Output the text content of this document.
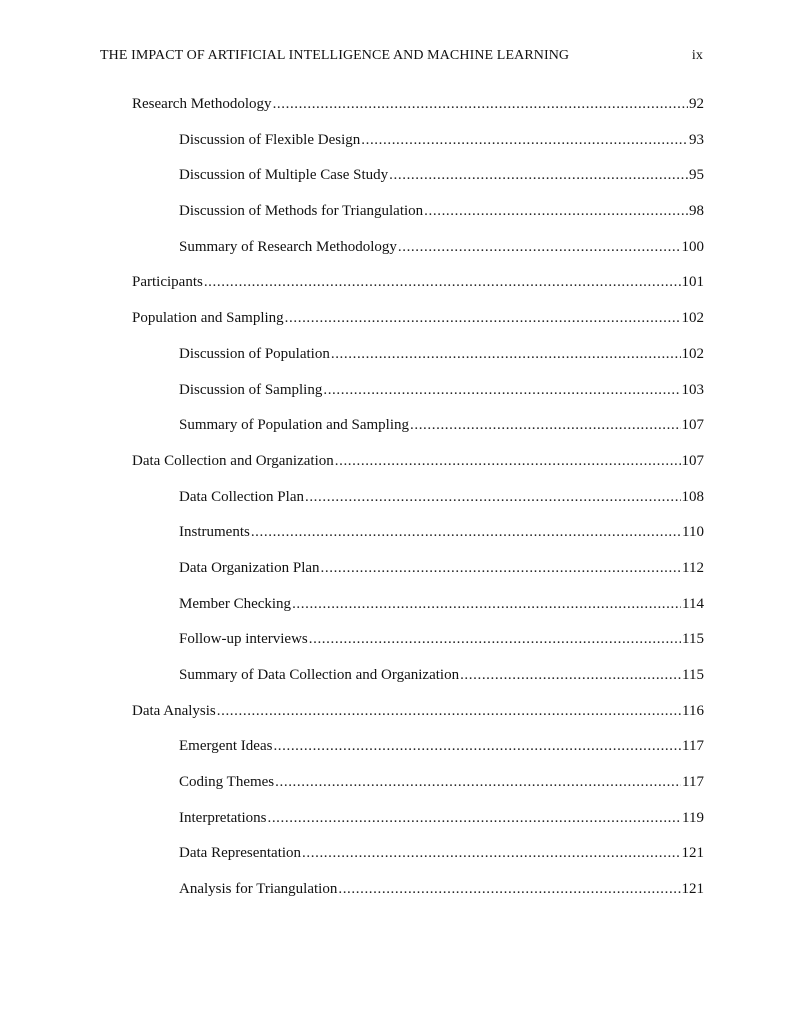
THE IMPACT OF ARTIFICIAL INTELLIGENCE AND MACHINE LEARNING	ix
Research Methodology .....	92
Discussion of Flexible Design .....	93
Discussion of Multiple Case Study .....	95
Discussion of Methods for Triangulation .....	98
Summary of Research Methodology .....	100
Participants .....	101
Population and Sampling .....	102
Discussion of Population .....	102
Discussion of Sampling .....	103
Summary of Population and Sampling .....	107
Data Collection and Organization .....	107
Data Collection Plan .....	108
Instruments .....	110
Data Organization Plan .....	112
Member Checking .....	114
Follow-up interviews .....	115
Summary of Data Collection and Organization .....	115
Data Analysis .....	116
Emergent Ideas .....	117
Coding Themes .....	117
Interpretations .....	119
Data Representation .....	121
Analysis for Triangulation .....	121
